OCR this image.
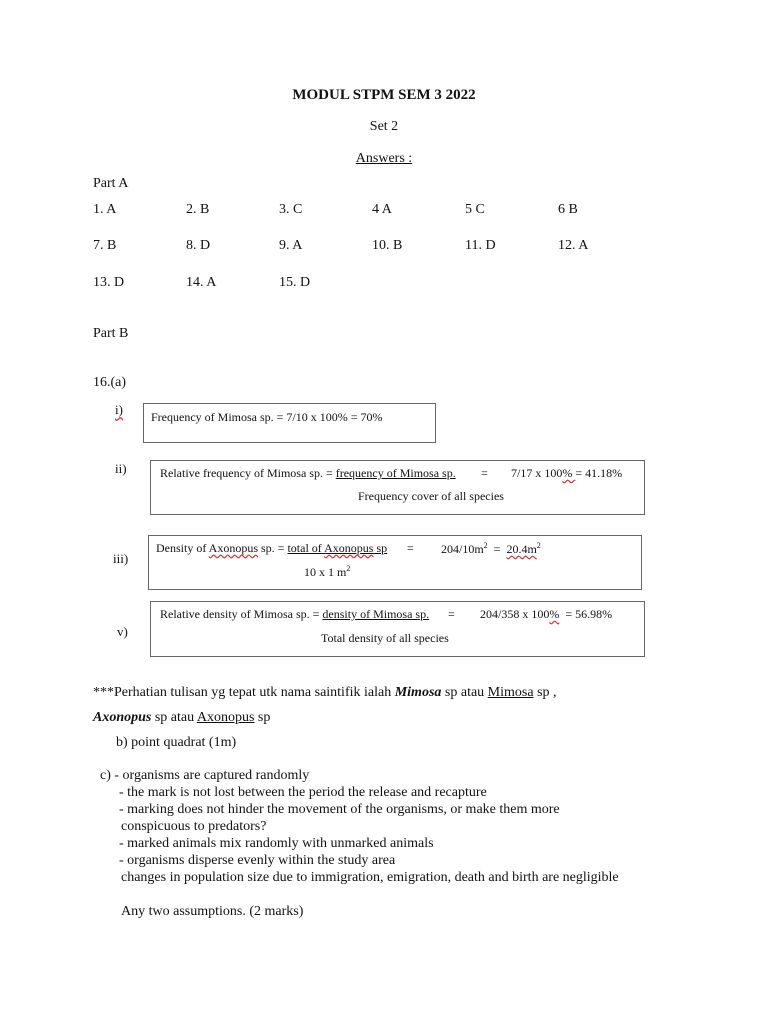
MODUL STPM SEM 3 2022
Set 2
Answers :
Part A
1. A	2. B	3. C	4 A	5 C	6 B
7. B	8. D	9. A	10. B	11. D	12. A
13. D	14. A	15. D
Part B
16.(a)
i) Frequency of Mimosa sp. = 7/10 x 100% = 70%
ii)	Relative frequency of Mimosa sp. = frequency of Mimosa sp. = 7/17 x 100% = 41.18%
Frequency cover of all species
iii)
Density of Axonopus sp. = total of Axonopus sp = $204/10m^2 = 20.4m^2$
10 x 1 $m^2$
v)
Relative density of Mimosa sp. = density of Mimosa sp. = 204/358 x 100%  = 56.98%
Total density of all species
***Perhatian tulisan yg tepat utk nama saintifik ialah Mimosa sp atau Mimosa sp ,
Axonopus sp atau Axonopus sp
b) point quadrat (1m)
c) - organisms are captured randomly
- the mark is not lost between the period the release and recapture
- marking does not hinder the movement of the organisms, or make them more
conspicuous to predators?
- marked animals mix randomly with unmarked animals
- organisms disperse evenly within the study area
changes in population size due to immigration, emigration, death and birth are negligible
Any two assumptions. (2 marks)
